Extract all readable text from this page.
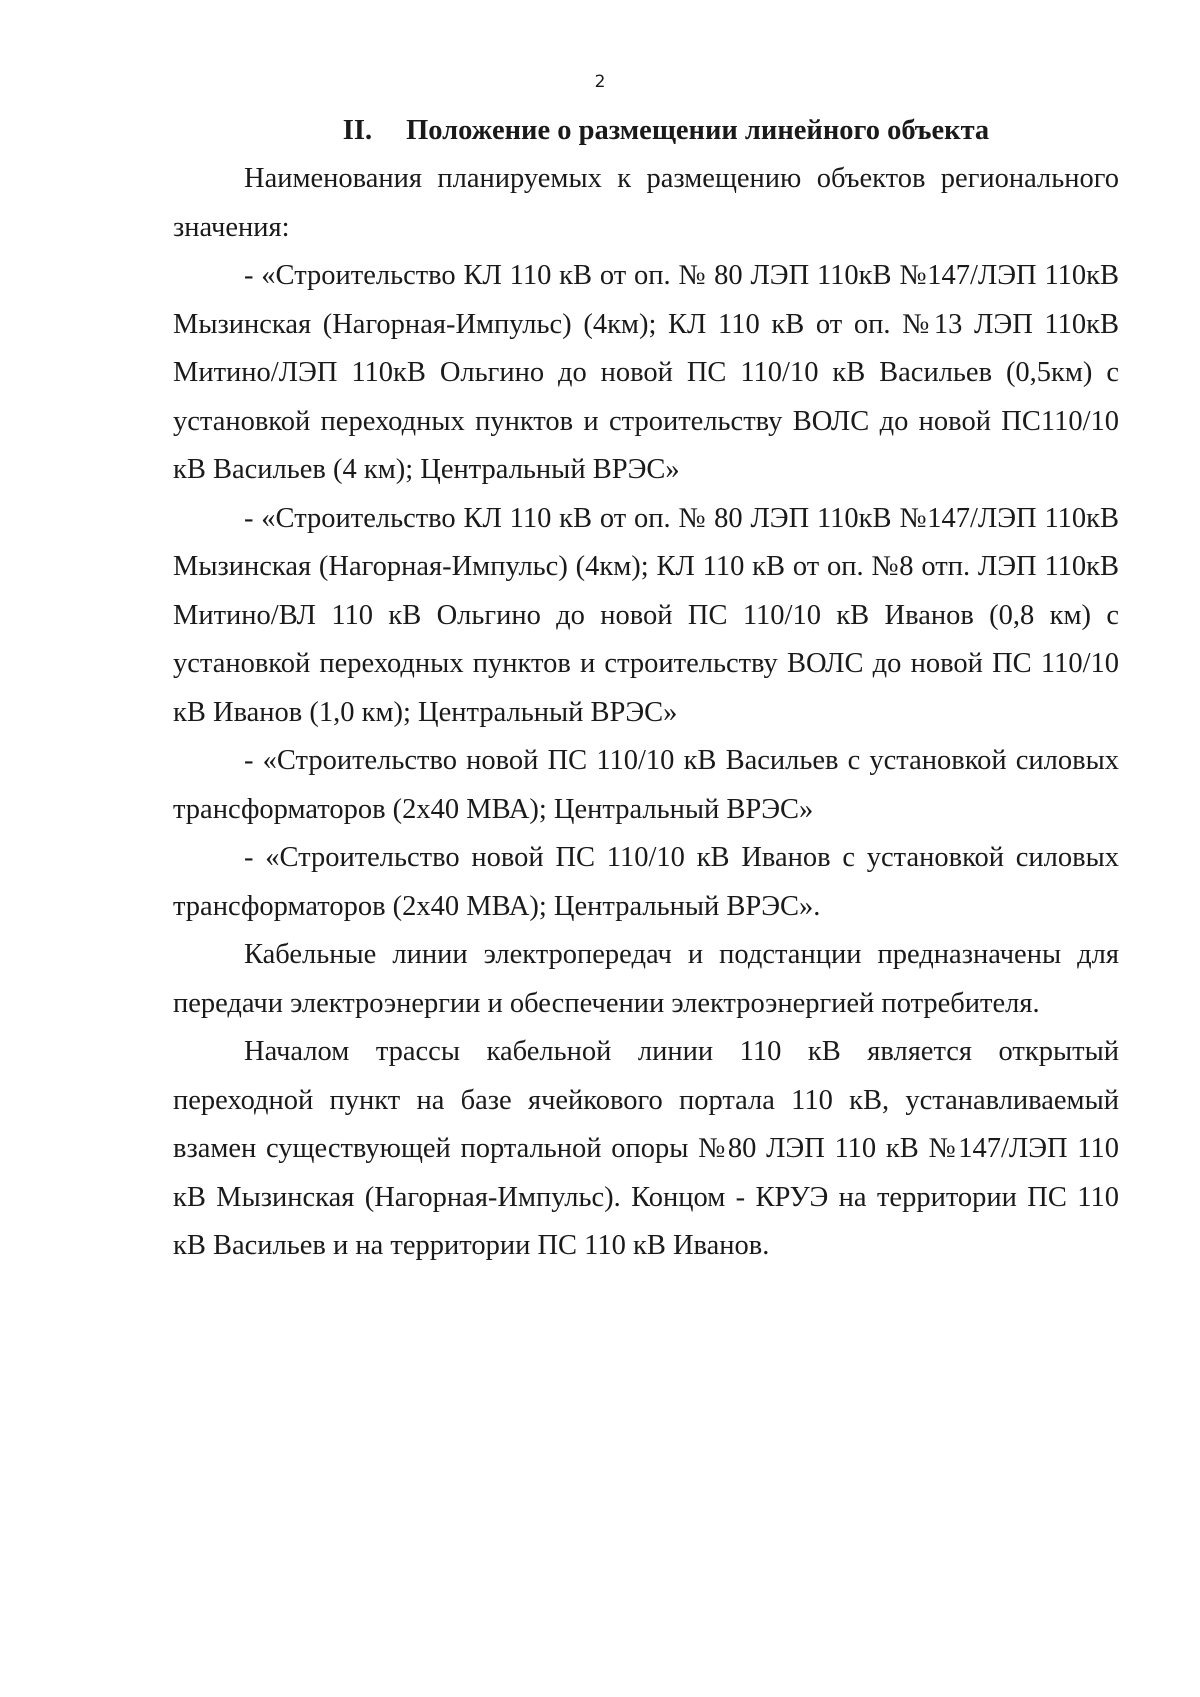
2
II. Положение о размещении линейного объекта

Наименования планируемых к размещению объектов регионального значения:

- «Строительство КЛ 110 кВ от оп. № 80 ЛЭП 110кВ №147/ЛЭП 110кВ Мызинская (Нагорная-Импульс) (4км); КЛ 110 кВ от оп. №13 ЛЭП 110кВ Митино/ЛЭП 110кВ Ольгино до новой ПС 110/10 кВ Васильев (0,5км) с установкой переходных пунктов и строительству ВОЛС до новой ПС110/10 кВ Васильев (4 км); Центральный ВРЭС»

- «Строительство КЛ 110 кВ от оп. № 80 ЛЭП 110кВ №147/ЛЭП 110кВ Мызинская (Нагорная-Импульс) (4км); КЛ 110 кВ от оп. №8 отп. ЛЭП 110кВ Митино/ВЛ 110 кВ Ольгино до новой ПС 110/10 кВ Иванов (0,8 км) с установкой переходных пунктов и строительству ВОЛС до новой ПС 110/10 кВ Иванов (1,0 км); Центральный ВРЭС»

- «Строительство новой ПС 110/10 кВ Васильев с установкой силовых трансформаторов (2х40 МВА); Центральный ВРЭС»

- «Строительство новой ПС 110/10 кВ Иванов с установкой силовых трансформаторов (2х40 МВА); Центральный ВРЭС».

Кабельные линии электропередач и подстанции предназначены для передачи электроэнергии и обеспечении электроэнергией потребителя.

Началом трассы кабельной линии 110 кВ является открытый переходной пункт на базе ячейкового портала 110 кВ, устанавливаемый взамен существующей портальной опоры №80 ЛЭП 110 кВ №147/ЛЭП 110 кВ Мызинская (Нагорная-Импульс). Концом - КРУЭ на территории ПС 110 кВ Васильев и на территории ПС 110 кВ Иванов.
